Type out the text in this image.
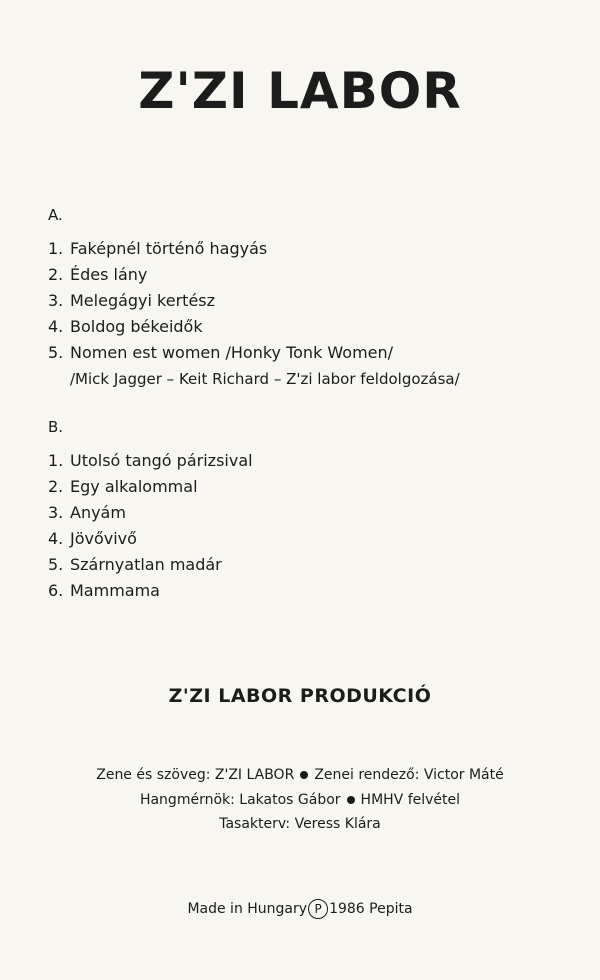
Z'ZI LABOR
A.
1. Faképnél történő hagyás
2. Édes lány
3. Melegágyi kertész
4. Boldog békeidők
5. Nomen est women /Honky Tonk Women/
/Mick Jagger – Keit Richard – Z'zi labor feldolgozása/
B.
1. Utolsó tangó párizsival
2. Egy alkalommal
3. Anyám
4. Jövővivő
5. Szárnyatlan madár
6. Mammama
Z'ZI LABOR PRODUKCIÓ
Zene és szöveg: Z'ZI LABOR Zenei rendező: Victor Máté
Hangmérnök: Lakatos Gábor HMHV felvétel
Tasakterv: Veress Klára
Made in Hungary P 1986 Pepita
